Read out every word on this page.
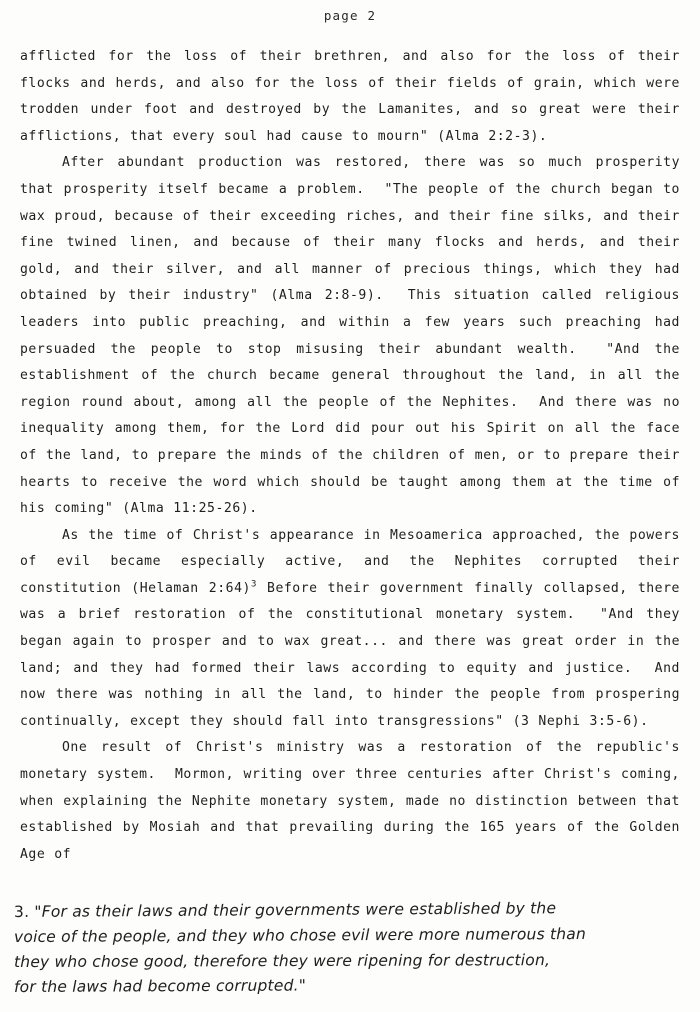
page 2

afflicted for the loss of their brethren, and also for the loss of their flocks and herds, and also for the loss of their fields of grain, which were trodden under foot and destroyed by the Lamanites, and so great were their afflictions, that every soul had cause to mourn" (Alma 2:2-3).

After abundant production was restored, there was so much prosperity that prosperity itself became a problem.  "The people of the church began to wax proud, because of their exceeding riches, and their fine silks, and their fine twined linen, and because of their many flocks and herds, and their gold, and their silver, and all manner of precious things, which they had obtained by their industry" (Alma 2:8-9).  This situation called religious leaders into public preaching, and within a few years such preaching had persuaded the people to stop misusing their abundant wealth.  "And the establishment of the church became general throughout the land, in all the region round about, among all the people of the Nephites.  And there was no inequality among them, for the Lord did pour out his Spirit on all the face of the land, to prepare the minds of the children of men, or to prepare their hearts to receive the word which should be taught among them at the time of his coming" (Alma 11:25-26).

As the time of Christ's appearance in Mesoamerica approached, the powers of evil became especially active, and the Nephites corrupted their constitution (Helaman 2:64)$^3$ Before their government finally collapsed, there was a brief restoration of the constitutional monetary system.  "And they began again to prosper and to wax great... and there was great order in the land; and they had formed their laws according to equity and justice.  And now there was nothing in all the land, to hinder the people from prospering continually, except they should fall into transgressions" (3 Nephi 3:5-6).

One result of Christ's ministry was a restoration of the republic's monetary system.  Mormon, writing over three centuries after Christ's coming, when explaining the Nephite monetary system, made no distinction between that established by Mosiah and that prevailing during the 165 years of the Golden Age of

3. "For as their laws and their governments were established by the
voice of the people, and they who chose evil were more numerous than
they who chose good, therefore they were ripening for destruction,
for the laws had become corrupted."
